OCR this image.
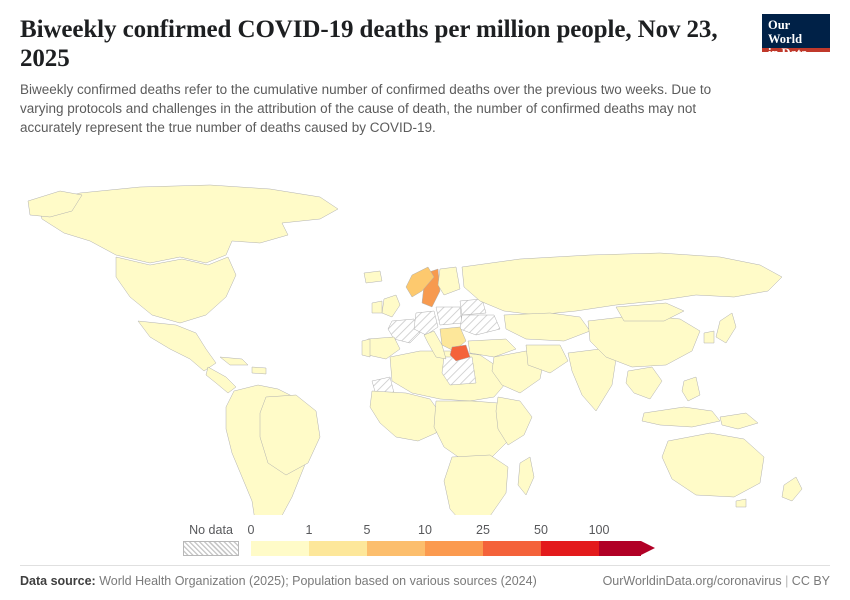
Biweekly confirmed COVID-19 deaths per million people, Nov 23, 2025

Biweekly confirmed deaths refer to the cumulative number of confirmed deaths over the previous two weeks. Due to varying protocols and challenges in the attribution of the cause of death, the number of confirmed deaths may not accurately represent the true number of deaths caused by COVID-19.

Our World
in Data
No data 0	1	5	10	25	50	100
Data source: World Health Organization (2025); Population based on various sources (2024)	OurWorldinData.org/coronavirus | CC BY
